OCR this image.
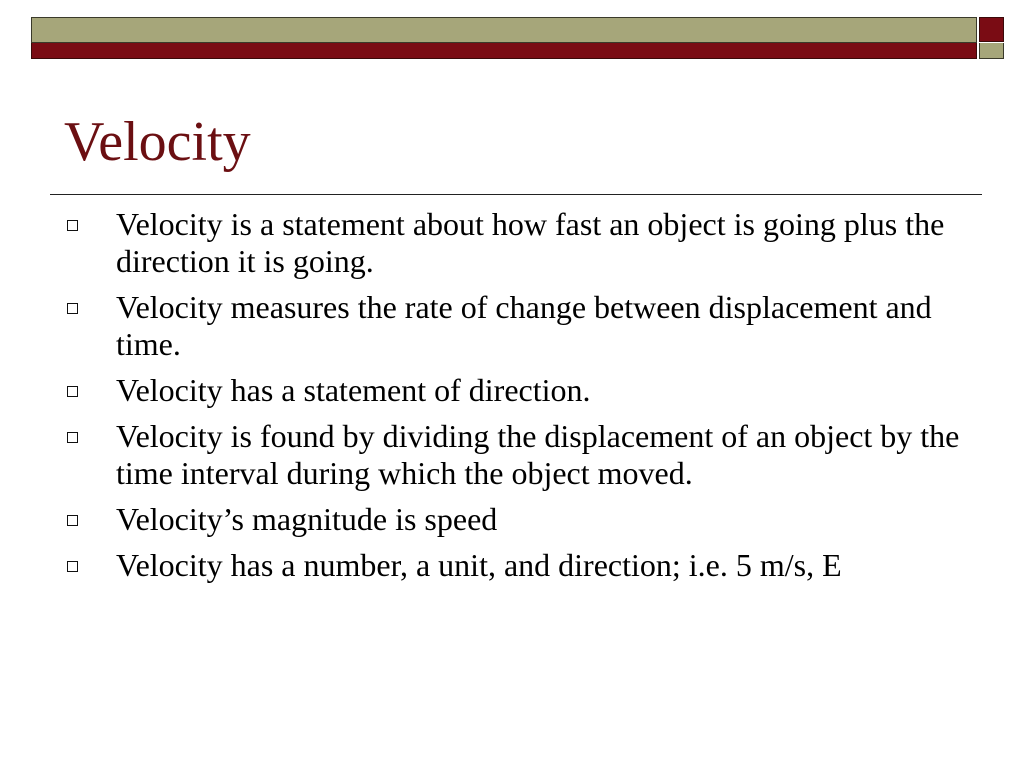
Velocity
Velocity is a statement about how fast an object is going plus the direction it is going.
Velocity measures the rate of change between displacement and time.
Velocity has a statement of direction.
Velocity is found by dividing the displacement of an object by the time interval during which the object moved.
Velocity’s magnitude is speed
Velocity has a number, a unit, and direction; i.e. 5 m/s, E
